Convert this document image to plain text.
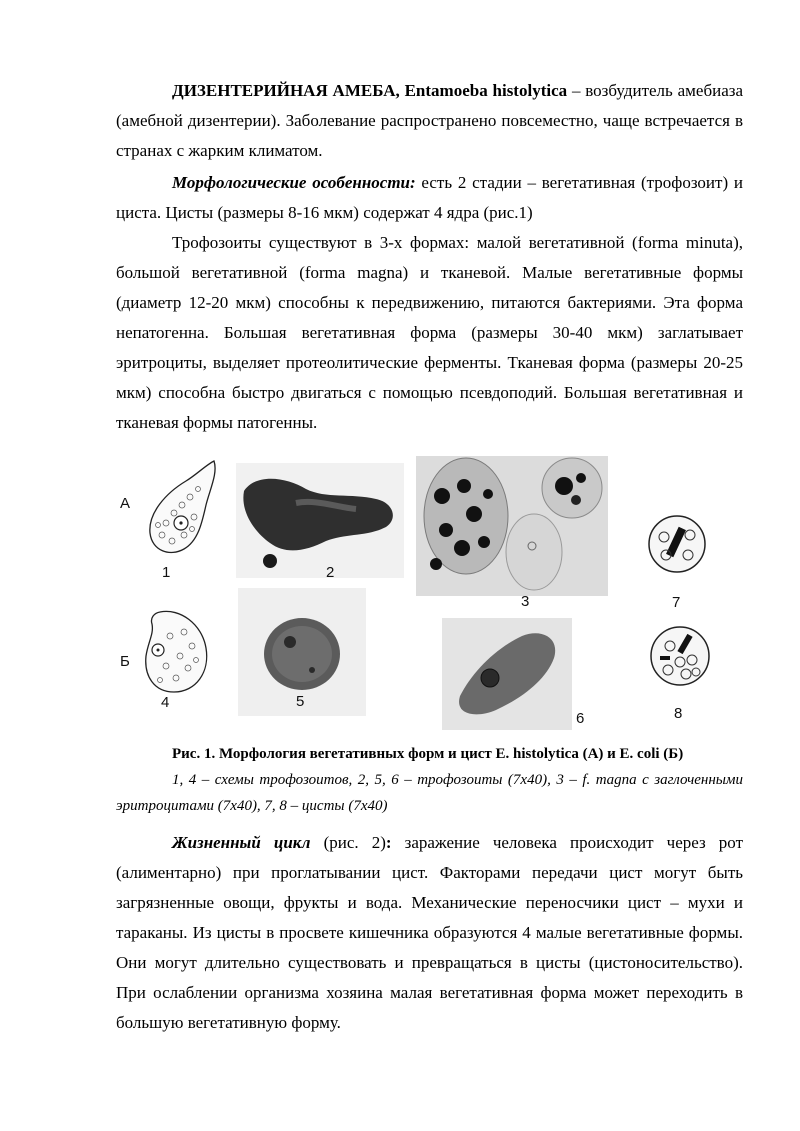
ДИЗЕНТЕРИЙНАЯ АМЕБА, Entamoeba histolytica – возбудитель амебиаза (амебной дизентерии). Заболевание распространено повсеместно, чаще встречается в странах с жарким климатом.

Морфологические особенности: есть 2 стадии – вегетативная (трофозоит) и циста. Цисты (размеры 8-16 мкм) содержат 4 ядра (рис.1)

Трофозоиты существуют в 3-х формах: малой вегетативной (forma minuta), большой вегетативной (forma magna) и тканевой. Малые вегетативные формы (диаметр 12-20 мкм) способны к передвижению, питаются бактериями. Эта форма непатогенна. Большая вегетативная форма (размеры 30-40 мкм) заглатывает эритроциты, выделяет протеолитические ферменты. Тканевая форма (размеры 20-25 мкм) способна быстро двигаться с помощью псевдоподий. Большая вегетативная и тканевая формы патогенны.

А
1	2
3	7
Б
4	5
6	8
Рис. 1. Морфология вегетативных форм и цист E. histolytica (А) и E. coli (Б)
1, 4 – схемы трофозоитов, 2, 5, 6 – трофозоиты (7х40), 3 – f. magna с заглоченными эритроцитами (7х40), 7, 8 – цисты (7х40)

Жизненный цикл (рис. 2): заражение человека происходит через рот (алиментарно) при проглатывании цист. Факторами передачи цист могут быть загрязненные овощи, фрукты и вода. Механические переносчики цист – мухи и тараканы. Из цисты в просвете кишечника образуются 4 малые вегетативные формы. Они могут длительно существовать и превращаться в цисты (цистоносительство). При ослаблении организма хозяина малая вегетативная форма может переходить в большую вегетативную форму.
